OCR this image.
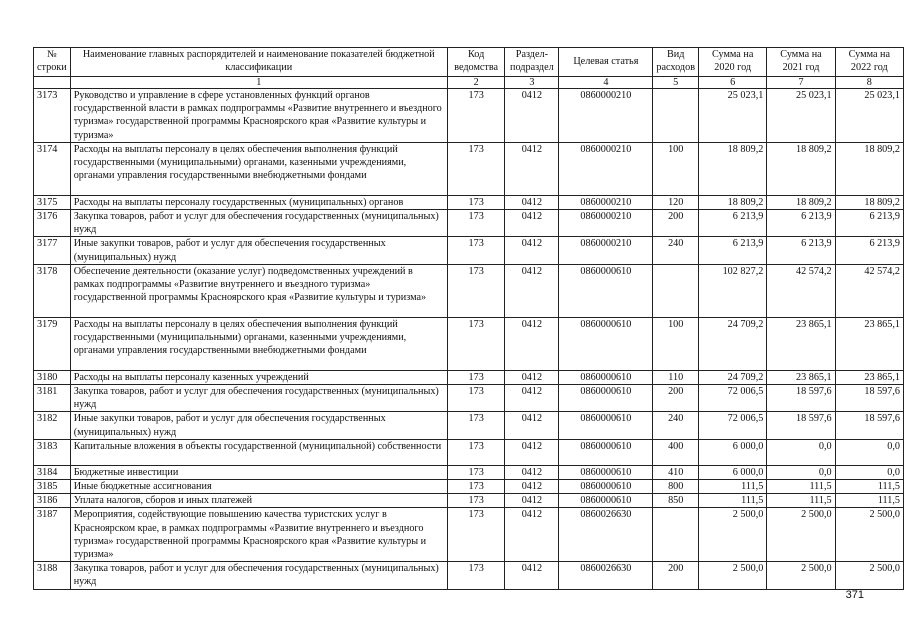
№ строки	Наименование главных распорядителей и наименование показателей бюджетной классификации	Код ведомства	Раздел-подраздел	Целевая статья	Вид расходов	Сумма на 2020 год	Сумма на 2021 год	Сумма на 2022 год
	1	2	3	4	5	6	7	8
3173	Руководство и управление в сфере установленных функций органов государственной власти в рамках подпрограммы «Развитие внутреннего и въездного туризма» государственной программы Красноярского края «Развитие культуры и туризма»	173	0412	0860000210		25 023,1	25 023,1	25 023,1
3174	Расходы на выплаты персоналу в целях обеспечения выполнения функций государственными (муниципальными) органами, казенными учреждениями, органами управления государственными внебюджетными фондами	173	0412	0860000210	100	18 809,2	18 809,2	18 809,2
3175	Расходы на выплаты персоналу государственных (муниципальных) органов	173	0412	0860000210	120	18 809,2	18 809,2	18 809,2
3176	Закупка товаров, работ и услуг для обеспечения государственных (муниципальных) нужд	173	0412	0860000210	200	6 213,9	6 213,9	6 213,9
3177	Иные закупки товаров, работ и услуг для обеспечения государственных (муниципальных) нужд	173	0412	0860000210	240	6 213,9	6 213,9	6 213,9
3178	Обеспечение деятельности (оказание услуг) подведомственных учреждений в рамках подпрограммы «Развитие внутреннего и въездного туризма» государственной программы Красноярского края «Развитие культуры и туризма»	173	0412	0860000610		102 827,2	42 574,2	42 574,2
3179	Расходы на выплаты персоналу в целях обеспечения выполнения функций государственными (муниципальными) органами, казенными учреждениями, органами управления государственными внебюджетными фондами	173	0412	0860000610	100	24 709,2	23 865,1	23 865,1
3180	Расходы на выплаты персоналу казенных учреждений	173	0412	0860000610	110	24 709,2	23 865,1	23 865,1
3181	Закупка товаров, работ и услуг для обеспечения государственных (муниципальных) нужд	173	0412	0860000610	200	72 006,5	18 597,6	18 597,6
3182	Иные закупки товаров, работ и услуг для обеспечения государственных (муниципальных) нужд	173	0412	0860000610	240	72 006,5	18 597,6	18 597,6
3183	Капитальные вложения в объекты государственной (муниципальной) собственности	173	0412	0860000610	400	6 000,0	0,0	0,0
3184	Бюджетные инвестиции	173	0412	0860000610	410	6 000,0	0,0	0,0
3185	Иные бюджетные ассигнования	173	0412	0860000610	800	111,5	111,5	111,5
3186	Уплата налогов, сборов и иных платежей	173	0412	0860000610	850	111,5	111,5	111,5
3187	Мероприятия, содействующие повышению качества туристских услуг в Красноярском крае, в рамках подпрограммы «Развитие внутреннего и въездного туризма» государственной программы Красноярского края «Развитие культуры и туризма»	173	0412	0860026630		2 500,0	2 500,0	2 500,0
3188	Закупка товаров, работ и услуг для обеспечения государственных (муниципальных) нужд	173	0412	0860026630	200	2 500,0	2 500,0	2 500,0
371
